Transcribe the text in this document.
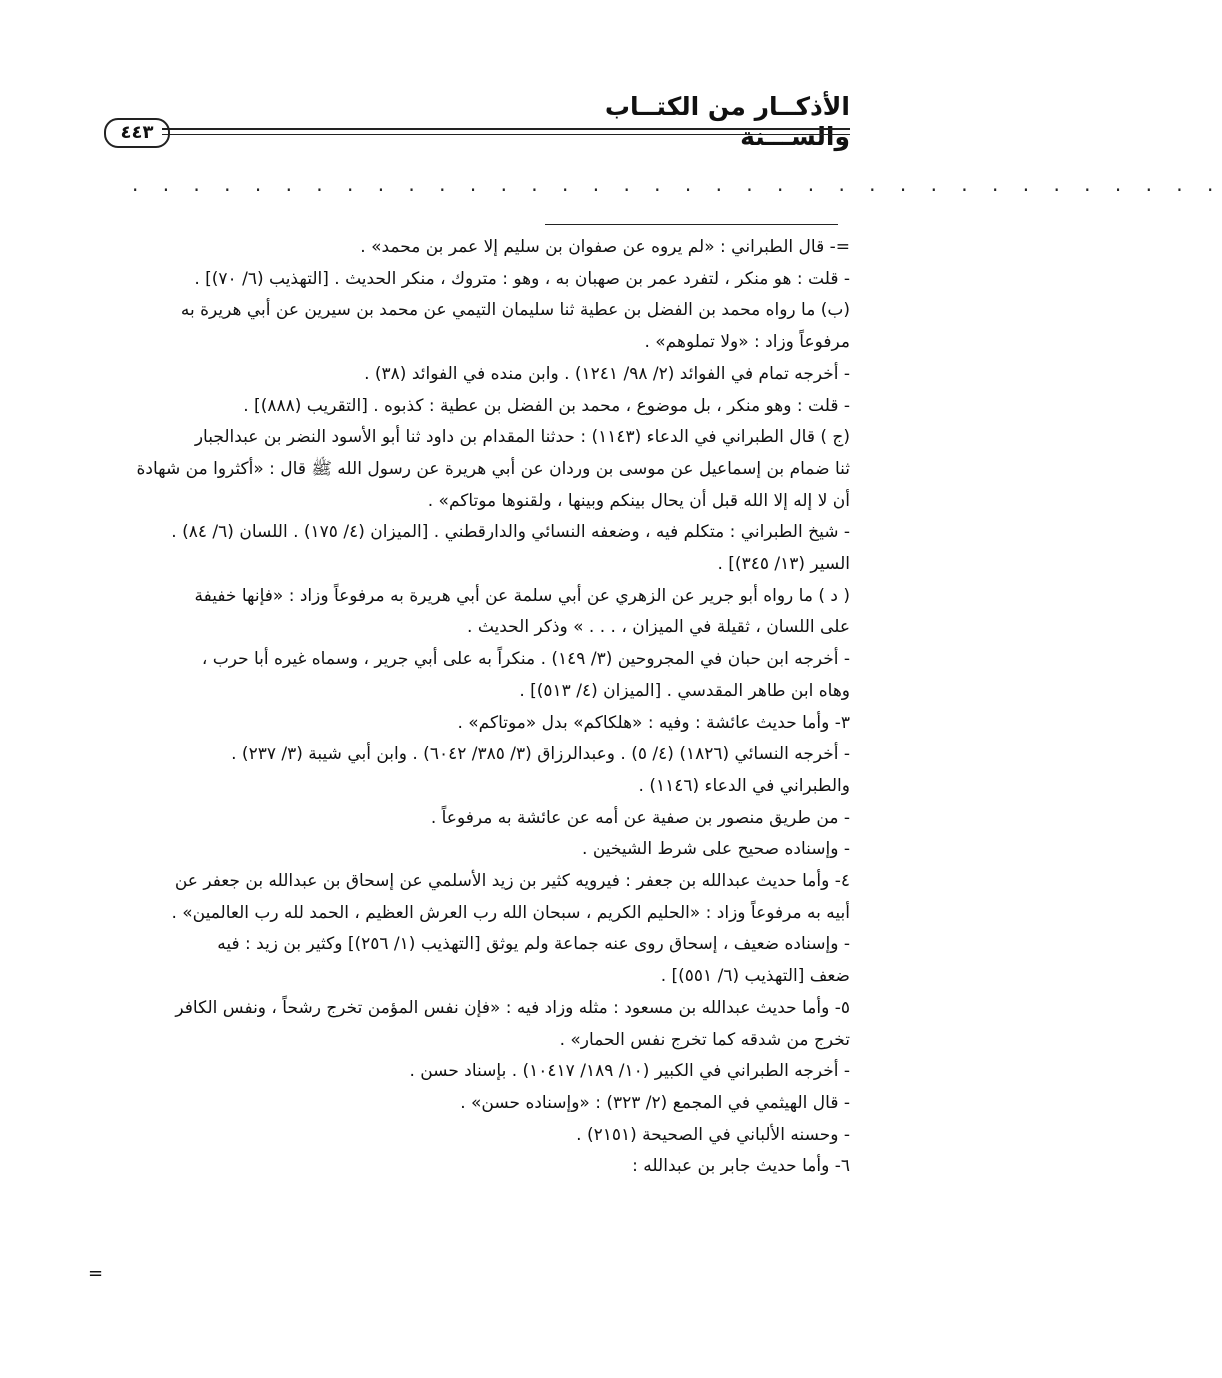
الأذكــار من الكتــاب والســـنة
٤٤٣
. . . . . . . . . . . . . . . . . . . . . . . . . . . . . . . . . . . .
=- قال الطبراني : «لم يروه عن صفوان بن سليم إلا عمر بن محمد» .
- قلت : هو منكر ، لتفرد عمر بن صهبان به ، وهو : متروك ، منكر الحديث . [التهذيب (٦/ ٧٠)] .
(ب) ما رواه محمد بن الفضل بن عطية ثنا سليمان التيمي عن محمد بن سيرين عن أبي هريرة به
مرفوعاً وزاد : «ولا تملوهم» .
- أخرجه تمام في الفوائد (٢/ ٩٨/ ١٢٤١) . وابن منده في الفوائد (٣٨) .
- قلت : وهو منكر ، بل موضوع ، محمد بن الفضل بن عطية : كذبوه . [التقريب (٨٨٨)] .
(ج ) قال الطبراني في الدعاء (١١٤٣) : حدثنا المقدام بن داود ثنا أبو الأسود النضر بن عبدالجبار
ثنا ضمام بن إسماعيل عن موسى بن وردان عن أبي هريرة عن رسول الله ﷺ قال : «أكثروا من شهادة
أن لا إله إلا الله قبل أن يحال بينكم وبينها ، ولقنوها موتاكم» .
- شيخ الطبراني : متكلم فيه ، وضعفه النسائي والدارقطني . [الميزان (٤/ ١٧٥) . اللسان (٦/ ٨٤) .
السير (١٣/ ٣٤٥)] .
( د ) ما رواه أبو جرير عن الزهري عن أبي سلمة عن أبي هريرة به مرفوعاً وزاد : «فإنها خفيفة
على اللسان ، ثقيلة في الميزان ، . . . » وذكر الحديث .
- أخرجه ابن حبان في المجروحين (٣/ ١٤٩) . منكراً به على أبي جرير ، وسماه غيره أبا حرب ،
وهاه ابن طاهر المقدسي . [الميزان (٤/ ٥١٣)] .
٣- وأما حديث عائشة : وفيه : «هلكاكم» بدل «موتاكم» .
- أخرجه النسائي (١٨٢٦) (٤/ ٥) . وعبدالرزاق (٣/ ٣٨٥/ ٦٠٤٢) . وابن أبي شيبة (٣/ ٢٣٧) .
والطبراني في الدعاء (١١٤٦) .
- من طريق منصور بن صفية عن أمه عن عائشة به مرفوعاً .
- وإسناده صحيح على شرط الشيخين .
٤- وأما حديث عبدالله بن جعفر : فيرويه كثير بن زيد الأسلمي عن إسحاق بن عبدالله بن جعفر عن
أبيه به مرفوعاً وزاد : «الحليم الكريم ، سبحان الله رب العرش العظيم ، الحمد لله رب العالمين» .
- وإسناده ضعيف ، إسحاق روى عنه جماعة ولم يوثق [التهذيب (١/ ٢٥٦)] وكثير بن زيد : فيه
ضعف [التهذيب (٦/ ٥٥١)] .
٥- وأما حديث عبدالله بن مسعود : مثله وزاد فيه : «فإن نفس المؤمن تخرج رشحاً ، ونفس الكافر
تخرج من شدقه كما تخرج نفس الحمار» .
- أخرجه الطبراني في الكبير (١٠/ ١٨٩/ ١٠٤١٧) . بإسناد حسن .
- قال الهيثمي في المجمع (٢/ ٣٢٣) : «وإسناده حسن» .
- وحسنه الألباني في الصحيحة (٢١٥١) .
٦- وأما حديث جابر بن عبدالله :
=
